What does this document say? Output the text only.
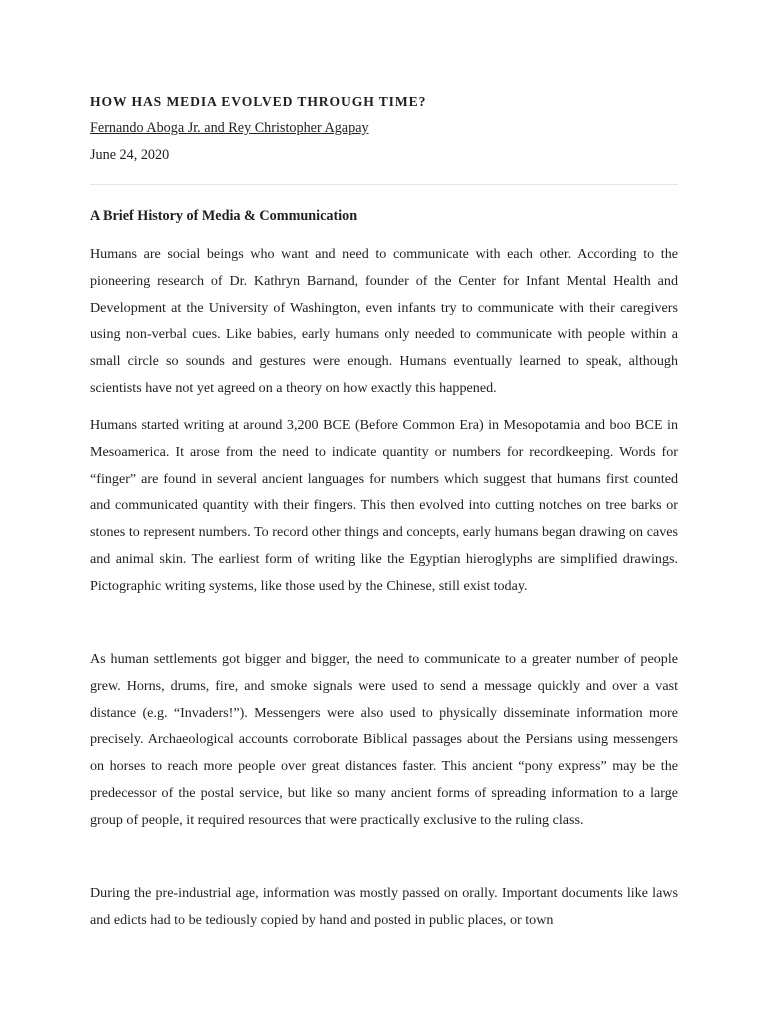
HOW HAS MEDIA EVOLVED THROUGH TIME?
Fernando Aboga Jr. and Rey Christopher Agapay
June 24, 2020
A Brief History of Media & Communication

Humans are social beings who want and need to communicate with each other. According to the pioneering research of Dr. Kathryn Barnand, founder of the Center for Infant Mental Health and Development at the University of Washington, even infants try to communicate with their caregivers using non-verbal cues. Like babies, early humans only needed to communicate with people within a small circle so sounds and gestures were enough. Humans eventually learned to speak, although scientists have not yet agreed on a theory on how exactly this happened.

Humans started writing at around 3,200 BCE (Before Common Era) in Mesopotamia and boo BCE in Mesoamerica. It arose from the need to indicate quantity or numbers for recordkeeping. Words for “finger” are found in several ancient languages for numbers which suggest that humans first counted and communicated quantity with their fingers. This then evolved into cutting notches on tree barks or stones to represent numbers. To record other things and concepts, early humans began drawing on caves and animal skin. The earliest form of writing like the Egyptian hieroglyphs are simplified drawings. Pictographic writing systems, like those used by the Chinese, still exist today.

As human settlements got bigger and bigger, the need to communicate to a greater number of people grew. Horns, drums, fire, and smoke signals were used to send a message quickly and over a vast distance (e.g. “Invaders!”). Messengers were also used to physically disseminate information more precisely. Archaeological accounts corroborate Biblical passages about the Persians using messengers on horses to reach more people over great distances faster. This ancient “pony express” may be the predecessor of the postal service, but like so many ancient forms of spreading information to a large group of people, it required resources that were practically exclusive to the ruling class.

During the pre-industrial age, information was mostly passed on orally. Important documents like laws and edicts had to be tediously copied by hand and posted in public places, or town
